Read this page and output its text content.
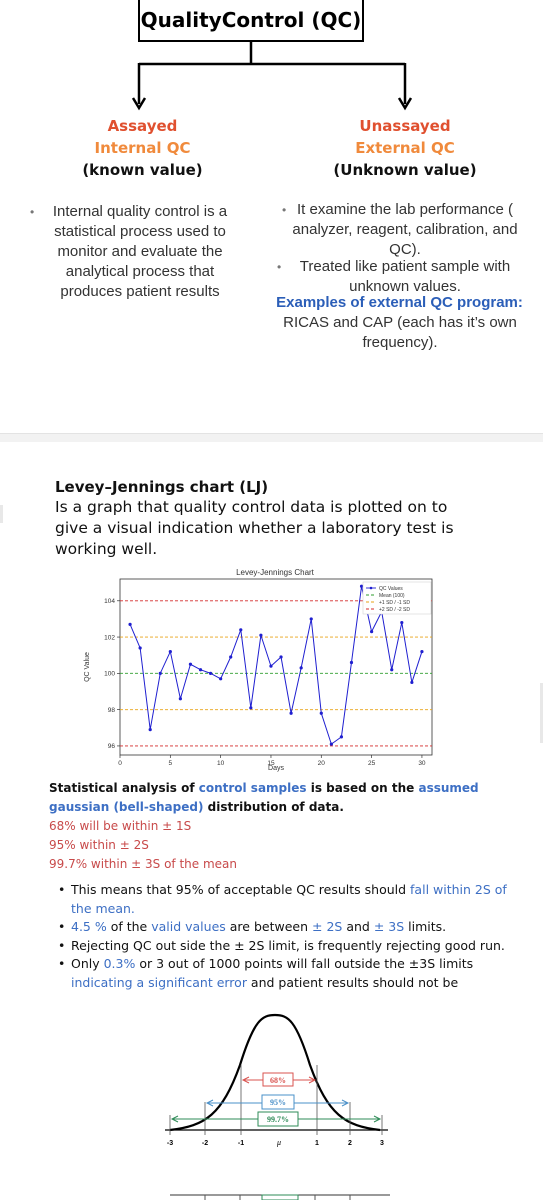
QualityControl (QC)
Assayed
Internal QC
(known value)
Unassayed
External QC
(Unknown value)
•	Internal quality control is a statistical process used to monitor and evaluate the analytical process that produces patient results
• It examine the lab performance ( analyzer, reagent, calibration, and QC).
•	Treated like patient sample with unknown values.
Examples of external QC program:
RICAS and CAP (each has it’s own frequency).
Levey–Jennings chart (LJ)
Is a graph that quality control data is plotted on to give a visual indication whether a laboratory test is working well.
Levey-Jennings Chart
0	5	10	15	20	25	30
96
98
100
102
104
Days
QC Value
QC Values
Mean (100)
+1 SD / -1 SD
+2 SD / -2 SD
Statistical analysis of control samples is based on the assumed gaussian (bell-shaped) distribution of data.
68% will be within ± 1S
95% within ± 2S
99.7% within ± 3S of the mean
• This means that 95% of acceptable QC results should fall within 2S of the mean.
• 4.5 % of the valid values are between ± 2S and ± 3S limits.
• Rejecting QC out side the ± 2S limit, is frequently rejecting good run.
• Only 0.3% or 3 out of 1000 points will fall outside the ±3S limits indicating a significant error and patient results should not be
68%
95%
99.7%
-3	-2	-1	μ	1	2	3
